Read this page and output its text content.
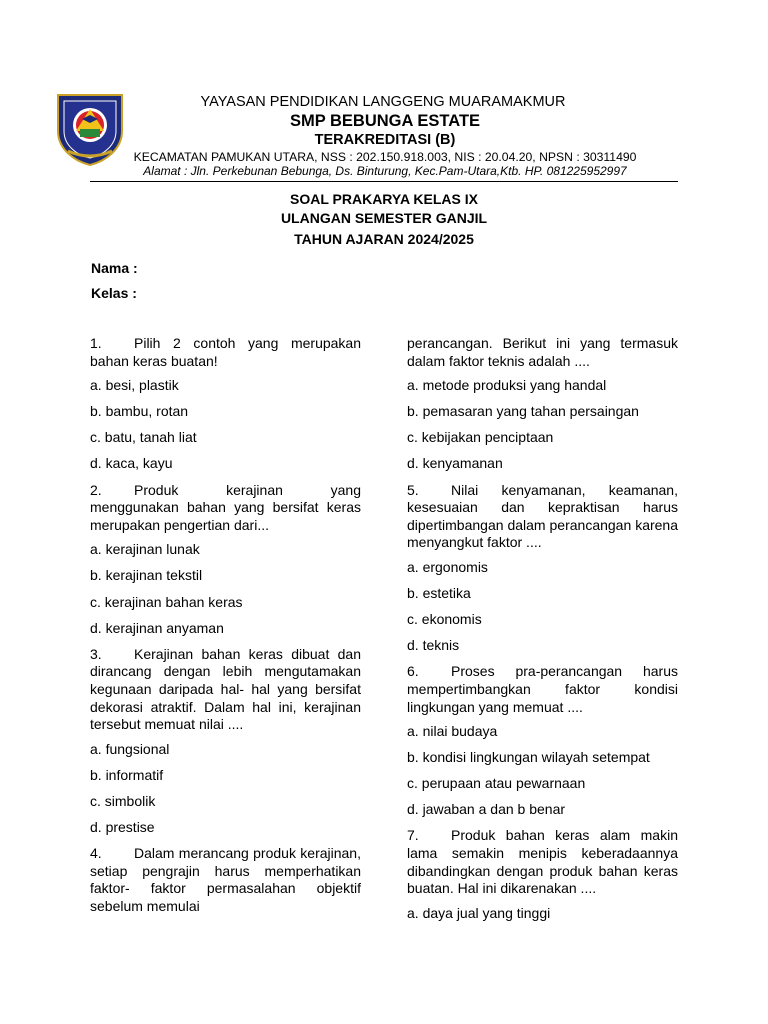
YAYASAN PENDIDIKAN LANGGENG MUARAMAKMUR
SMP BEBUNGA ESTATE
TERAKREDITASI (B)
KECAMATAN PAMUKAN UTARA, NSS : 202.150.918.003, NIS : 20.04.20, NPSN : 30311490
Alamat : Jln. Perkebunan Bebunga, Ds. Binturung, Kec.Pam-Utara,Ktb. HP. 081225952997
SOAL PRAKARYA KELAS IX
ULANGAN SEMESTER GANJIL
TAHUN AJARAN 2024/2025
Nama :
Kelas :
1. Pilih 2 contoh yang merupakan bahan keras buatan!
a. besi, plastik
b. bambu, rotan
c. batu, tanah liat
d. kaca, kayu
2. Produk kerajinan yang menggunakan bahan yang bersifat keras merupakan pengertian dari...
a. kerajinan lunak
b. kerajinan tekstil
c. kerajinan bahan keras
d. kerajinan anyaman
3. Kerajinan bahan keras dibuat dan dirancang dengan lebih mengutamakan kegunaan daripada hal- hal yang bersifat dekorasi atraktif. Dalam hal ini, kerajinan tersebut memuat nilai ....
a. fungsional
b. informatif
c. simbolik
d. prestise
4. Dalam merancang produk kerajinan, setiap pengrajin harus memperhatikan faktor- faktor permasalahan objektif sebelum memulai
perancangan. Berikut ini yang termasuk dalam faktor teknis adalah ....
a. metode produksi yang handal
b. pemasaran yang tahan persaingan
c. kebijakan penciptaan
d. kenyamanan
5. Nilai kenyamanan, keamanan, kesesuaian dan kepraktisan harus dipertimbangan dalam perancangan karena menyangkut faktor ....
a. ergonomis
b. estetika
c. ekonomis
d. teknis
6. Proses pra-perancangan harus mempertimbangkan faktor kondisi lingkungan yang memuat ....
a. nilai budaya
b. kondisi lingkungan wilayah setempat
c. perupaan atau pewarnaan
d. jawaban a dan b benar
7. Produk bahan keras alam makin lama semakin menipis keberadaannya dibandingkan dengan produk bahan keras buatan. Hal ini dikarenakan ....
a. daya jual yang tinggi
